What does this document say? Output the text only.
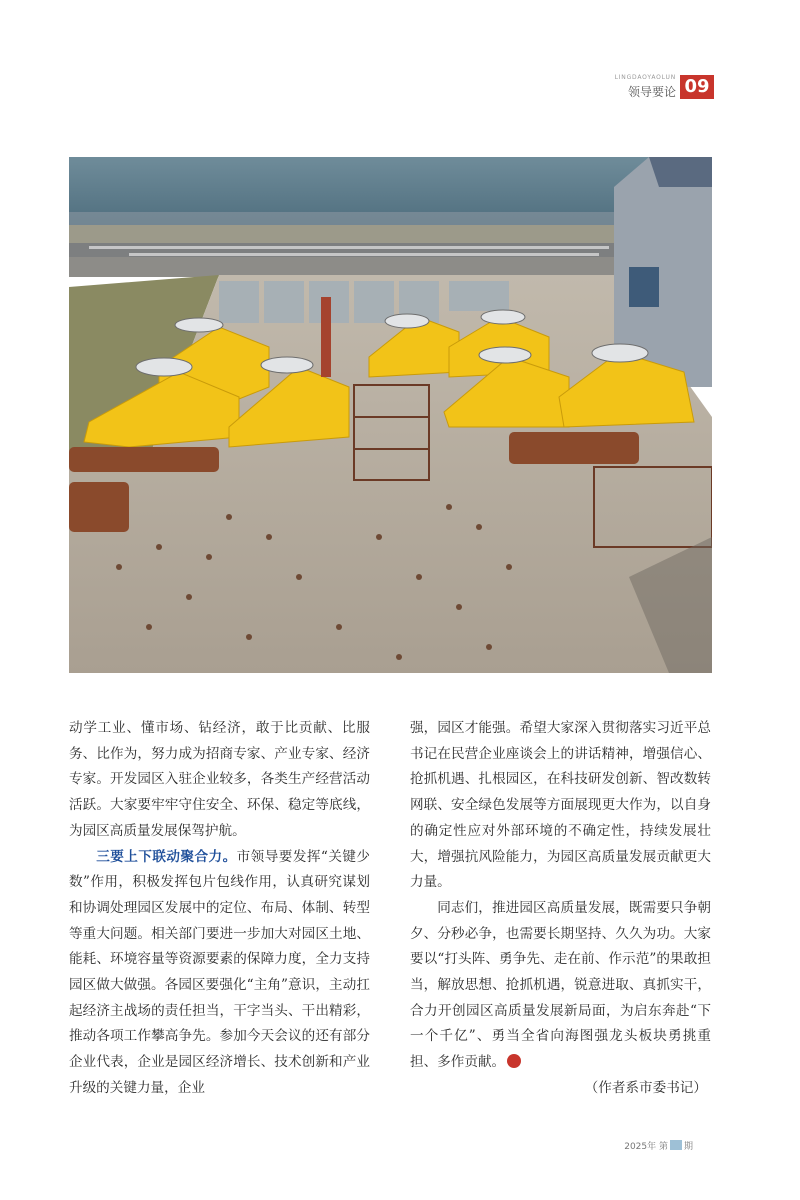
LINGDAOYAOLUN
领导要论 09

动学工业、懂市场、钻经济，敢于比贡献、比服务、比作为，努力成为招商专家、产业专家、经济专家。开发园区入驻企业较多，各类生产经营活动活跃。大家要牢牢守住安全、环保、稳定等底线，为园区高质量发展保驾护航。

三要上下联动聚合力。市领导要发挥“关键少数”作用，积极发挥包片包线作用，认真研究谋划和协调处理园区发展中的定位、布局、体制、转型等重大问题。相关部门要进一步加大对园区土地、能耗、环境容量等资源要素的保障力度，全力支持园区做大做强。各园区要强化“主角”意识，主动扛起经济主战场的责任担当，干字当头、干出精彩，推动各项工作攀高争先。参加今天会议的还有部分企业代表，企业是园区经济增长、技术创新和产业升级的关键力量，企业

强，园区才能强。希望大家深入贯彻落实习近平总书记在民营企业座谈会上的讲话精神，增强信心、抢抓机遇、扎根园区，在科技研发创新、智改数转网联、安全绿色发展等方面展现更大作为，以自身的确定性应对外部环境的不确定性，持续发展壮大，增强抗风险能力，为园区高质量发展贡献更大力量。

同志们，推进园区高质量发展，既需要只争朝夕、分秒必争，也需要长期坚持、久久为功。大家要以“打头阵、勇争先、走在前、作示范”的果敢担当，解放思想、抢抓机遇，锐意进取、真抓实干，合力开创园区高质量发展新局面，为启东奔赴“下一个千亿”、勇当全省向海图强龙头板块勇挑重担、多作贡献。

（作者系市委书记）

2025年 第 期
